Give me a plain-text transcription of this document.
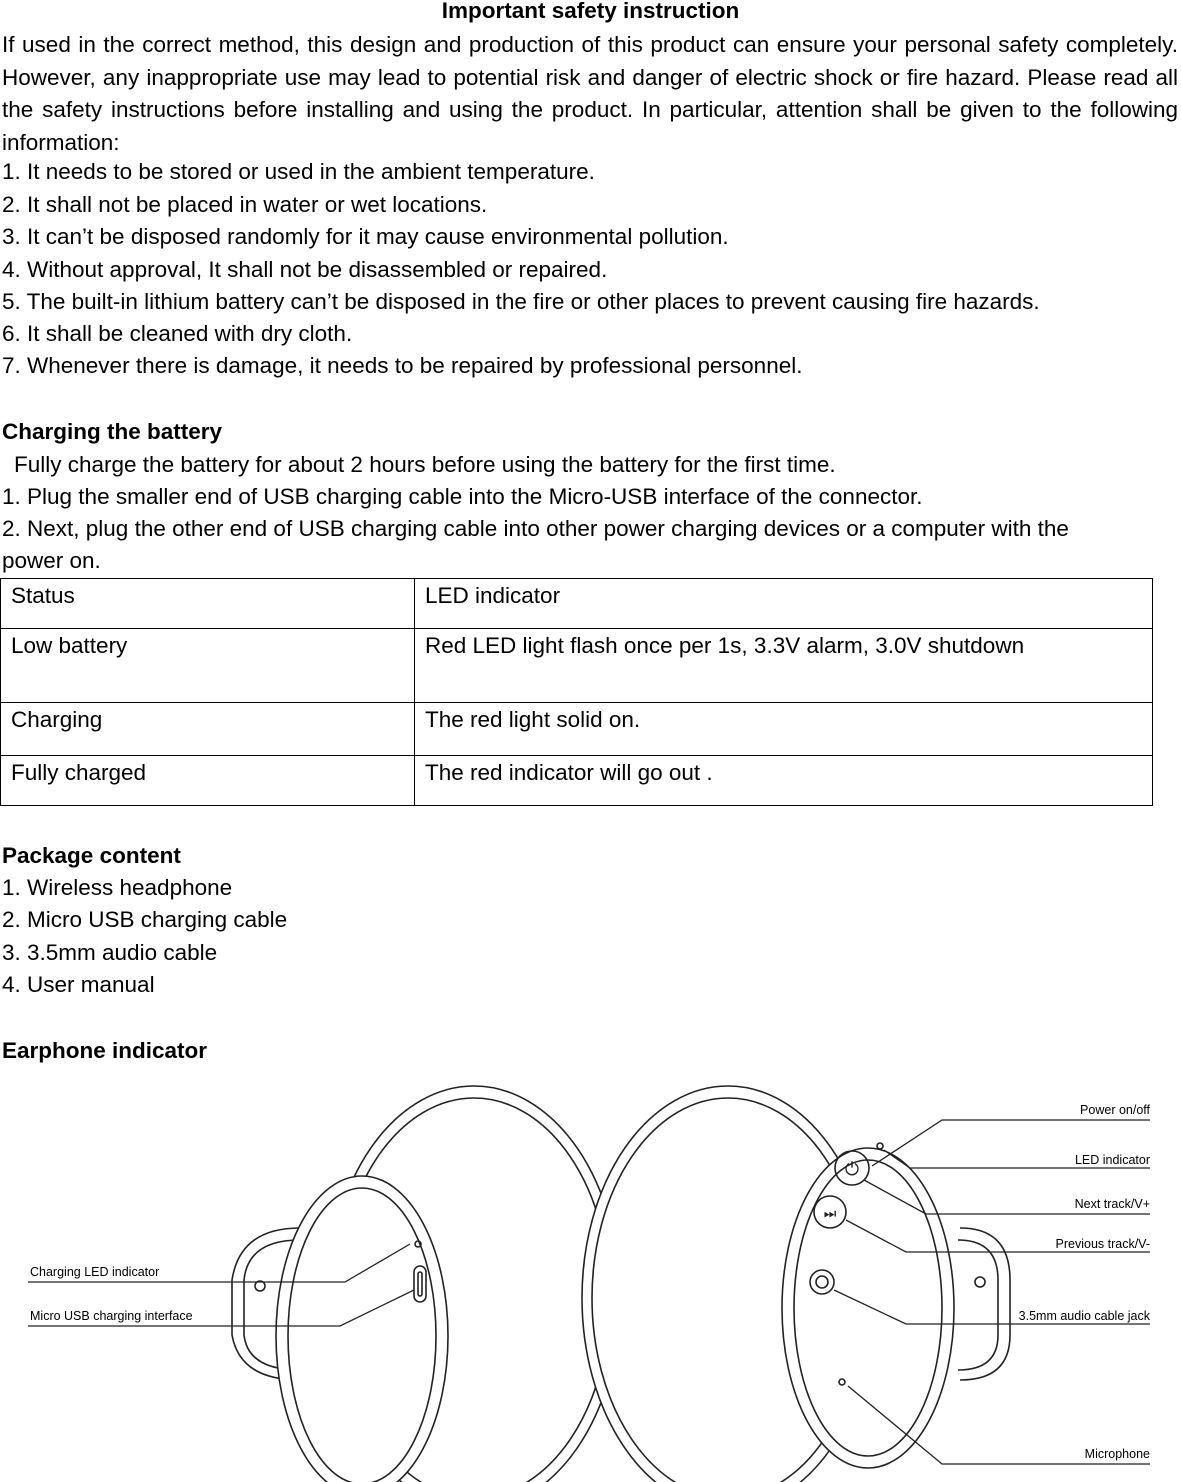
Important safety instruction
If used in the correct method, this design and production of this product can ensure your personal safety completely. However, any inappropriate use may lead to potential risk and danger of electric shock or fire hazard. Please read all the safety instructions before installing and using the product. In particular, attention shall be given to the following information:
1. It needs to be stored or used in the ambient temperature.
2. It shall not be placed in water or wet locations.
3. It can’t be disposed randomly for it may cause environmental pollution.
4. Without approval, It shall not be disassembled or repaired.
5. The built-in lithium battery can’t be disposed in the fire or other places to prevent causing fire hazards.
6. It shall be cleaned with dry cloth.
7. Whenever there is damage, it needs to be repaired by professional personnel.
Charging the battery
Fully charge the battery for about 2 hours before using the battery for the first time.
1. Plug the smaller end of USB charging cable into the Micro-USB interface of the connector.
2. Next, plug the other end of USB charging cable into other power charging devices or a computer with the
power on.
Status	LED indicator
Low battery	Red LED light flash once per 1s, 3.3V alarm, 3.0V shutdown
Charging	The red light solid on.
Fully charged	The red indicator will go out .
Package content
1. Wireless headphone
2. Micro USB charging cable
3. 3.5mm audio cable
4. User manual
Earphone indicator
⏻
⏭
Charging LED indicator
Micro USB charging interface
Power on/off
LED indicator
Next track/V+
Previous track/V-
3.5mm audio cable jack
Microphone
